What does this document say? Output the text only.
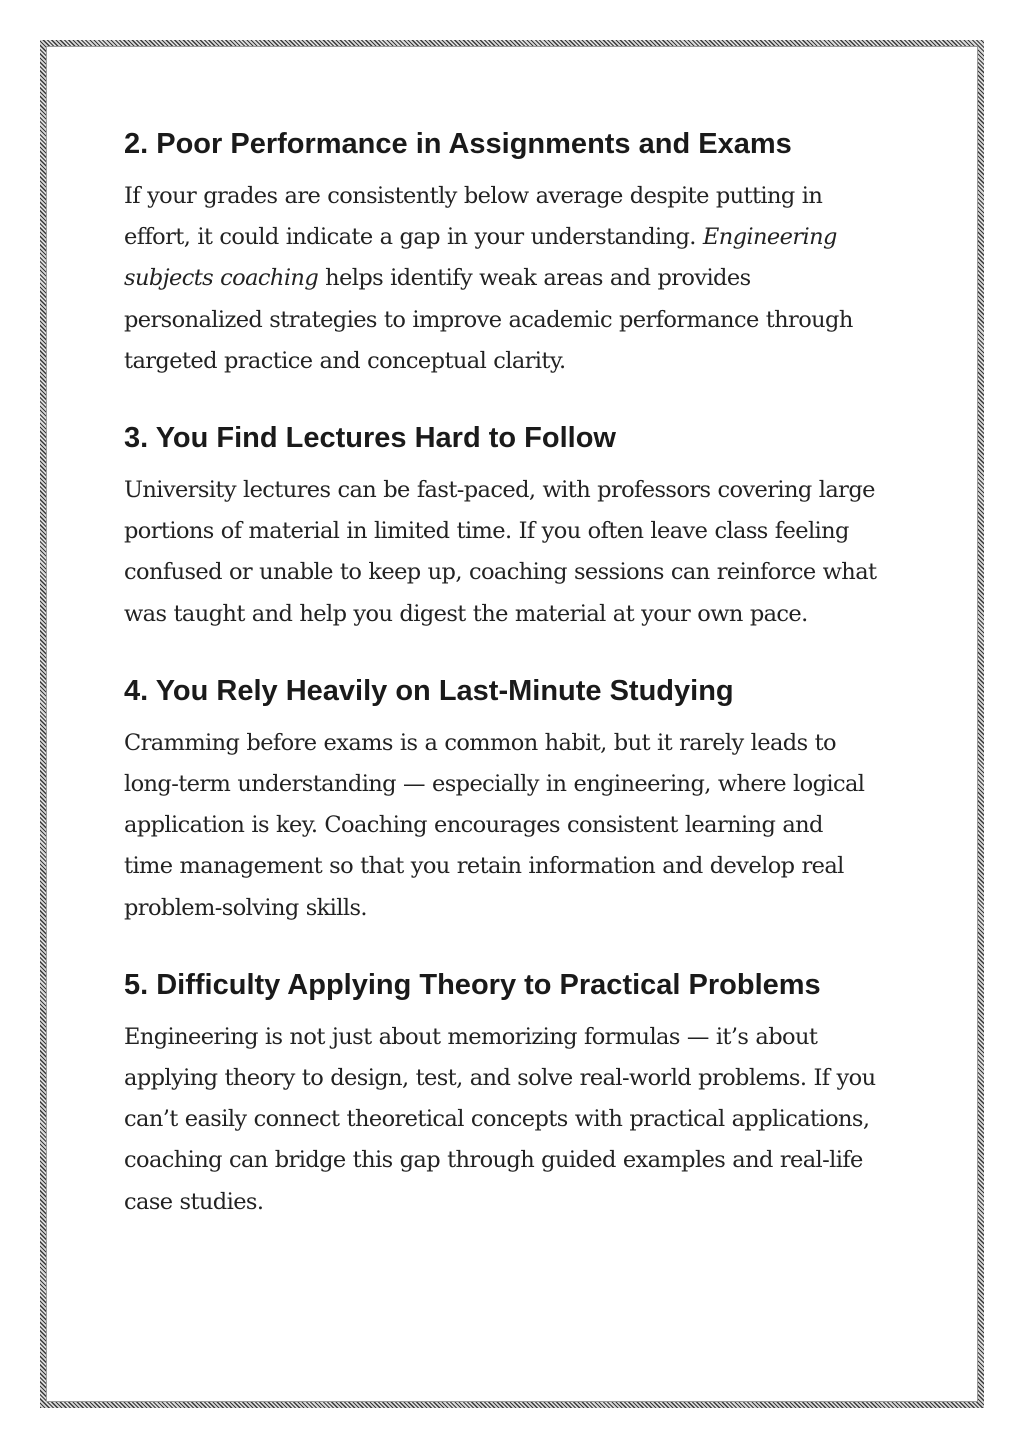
2. Poor Performance in Assignments and Exams
If your grades are consistently below average despite putting in
effort, it could indicate a gap in your understanding. Engineering
subjects coaching helps identify weak areas and provides
personalized strategies to improve academic performance through
targeted practice and conceptual clarity.
3. You Find Lectures Hard to Follow
University lectures can be fast-paced, with professors covering large
portions of material in limited time. If you often leave class feeling
confused or unable to keep up, coaching sessions can reinforce what
was taught and help you digest the material at your own pace.
4. You Rely Heavily on Last-Minute Studying
Cramming before exams is a common habit, but it rarely leads to
long-term understanding — especially in engineering, where logical
application is key. Coaching encourages consistent learning and
time management so that you retain information and develop real
problem-solving skills.
5. Difficulty Applying Theory to Practical Problems
Engineering is not just about memorizing formulas — it’s about
applying theory to design, test, and solve real-world problems. If you
can’t easily connect theoretical concepts with practical applications,
coaching can bridge this gap through guided examples and real-life
case studies.
